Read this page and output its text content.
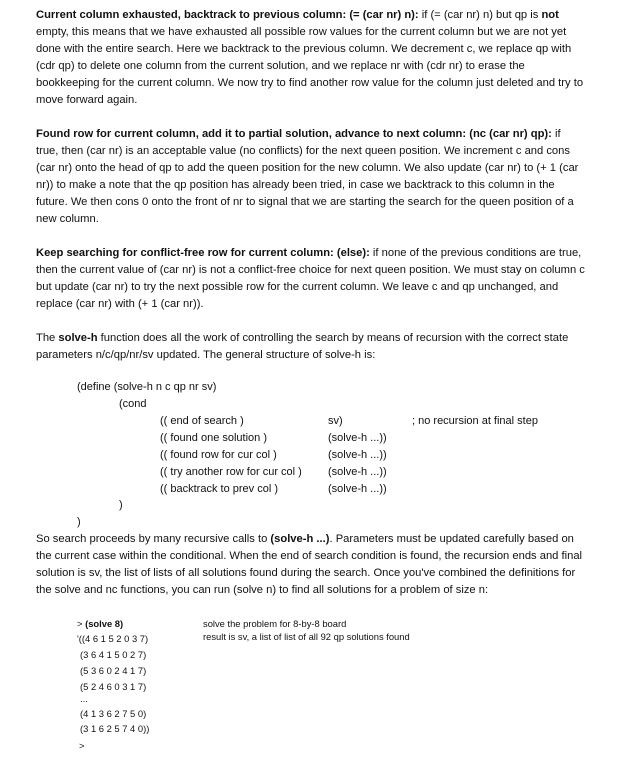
Current column exhausted, backtrack to previous column: (= (car nr) n): if (= (car nr) n) but qp is not empty, this means that we have exhausted all possible row values for the current column but we are not yet done with the entire search. Here we backtrack to the previous column. We decrement c, we replace qp with (cdr qp) to delete one column from the current solution, and we replace nr with (cdr nr) to erase the bookkeeping for the current column. We now try to find another row value for the column just deleted and try to move forward again.
Found row for current column, add it to partial solution, advance to next column: (nc (car nr) qp): if true, then (car nr) is an acceptable value (no conflicts) for the next queen position. We increment c and cons (car nr) onto the head of qp to add the queen position for the new column. We also update (car nr) to (+ 1 (car nr)) to make a note that the qp position has already been tried, in case we backtrack to this column in the future. We then cons 0 onto the front of nr to signal that we are starting the search for the queen position of a new column.
Keep searching for conflict-free row for current column: (else): if none of the previous conditions are true, then the current value of (car nr) is not a conflict-free choice for next queen position. We must stay on column c but update (car nr) to try the next possible row for the current column. We leave c and qp unchanged, and replace (car nr) with (+ 1 (car nr)).
The solve-h function does all the work of controlling the search by means of recursion with the correct state parameters n/c/qp/nr/sv updated. The general structure of solve-h is:
(define (solve-h n c qp nr sv)
(cond
(( end of search )	sv)	; no recursion at final step
(( found one solution )	(solve-h ...))
(( found row for cur col )	(solve-h ...))
(( try another row for cur col ) (solve-h ...))
(( backtrack to prev col )	(solve-h ...))
)
)
So search proceeds by many recursive calls to (solve-h ...). Parameters must be updated carefully based on the current case within the conditional. When the end of search condition is found, the recursion ends and final solution is sv, the list of lists of all solutions found during the search. Once you've combined the definitions for the solve and nc functions, you can run (solve n) to find all solutions for a problem of size n:
> (solve 8)	solve the problem for 8-by-8 board
result is sv, a list of list of all 92 qp solutions found
'((4 6 1 5 2 0 3 7)
(3 6 4 1 5 0 2 7)
(5 3 6 0 2 4 1 7)
(5 2 4 6 0 3 1 7)
...
(4 1 3 6 2 7 5 0)
(3 1 6 2 5 7 4 0))
>
